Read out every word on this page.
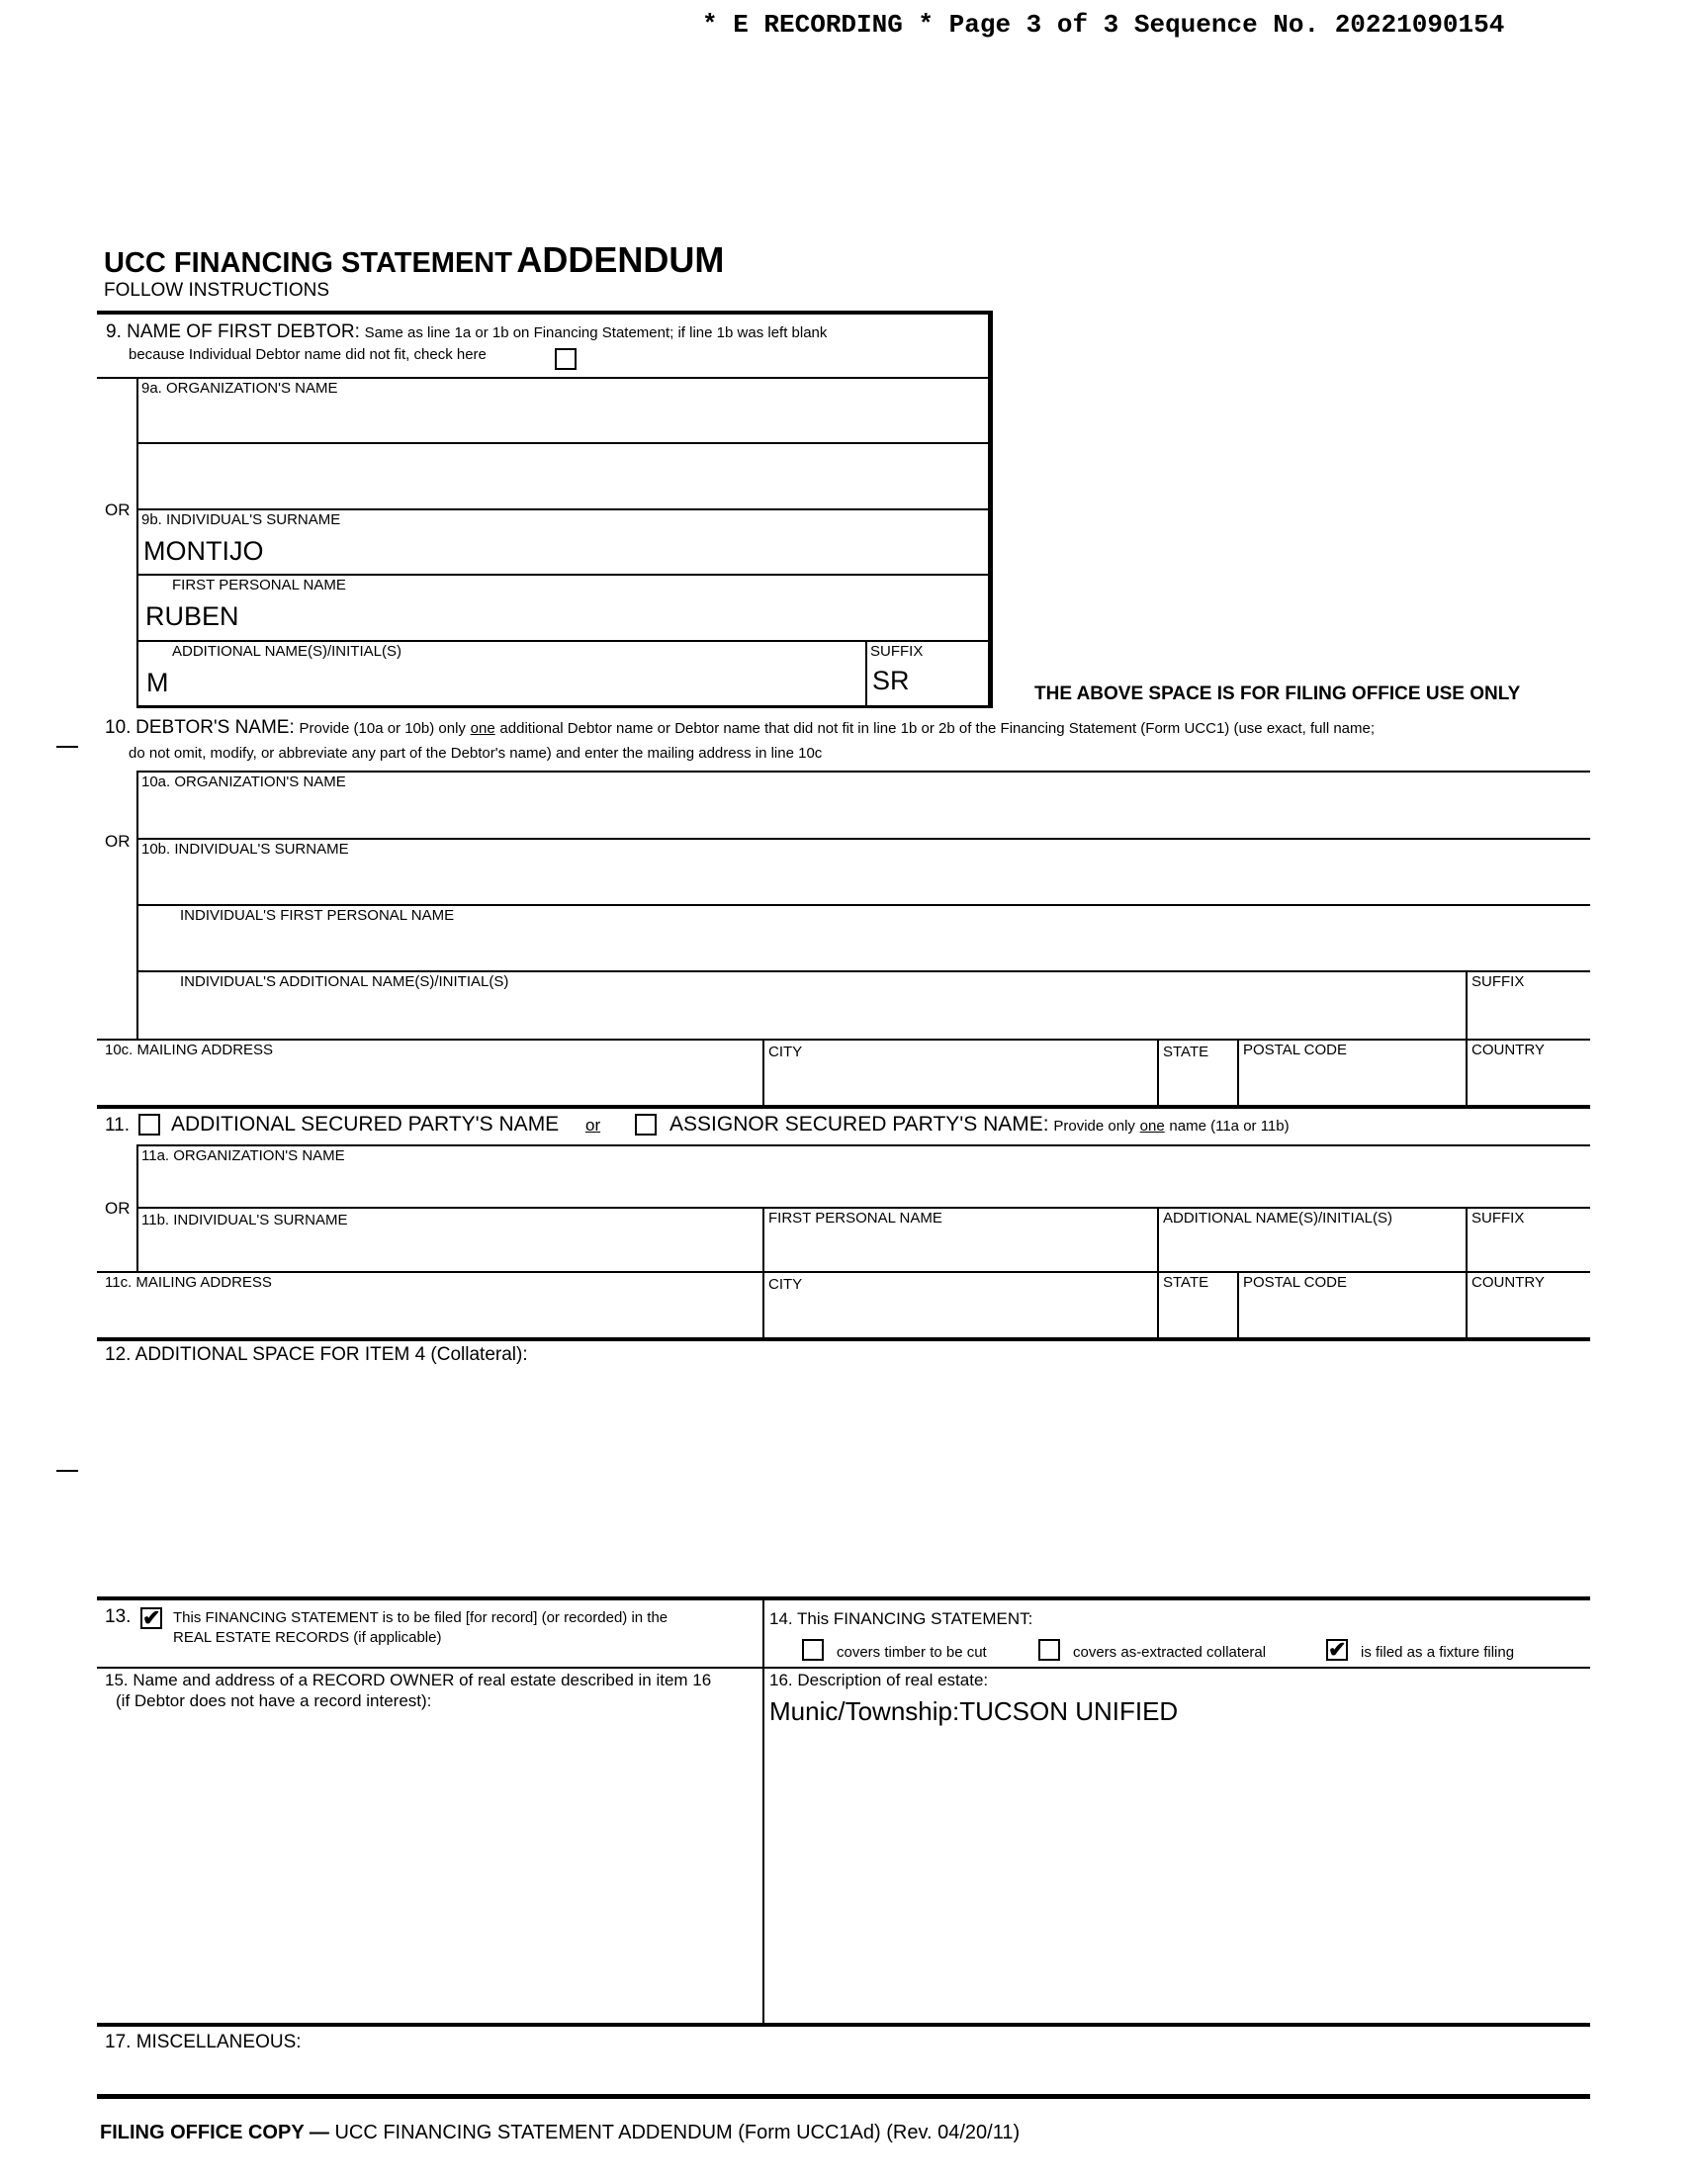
* E RECORDING * Page 3 of 3 Sequence No. 20221090154
UCC FINANCING STATEMENT ADDENDUM
FOLLOW INSTRUCTIONS
9. NAME OF FIRST DEBTOR: Same as line 1a or 1b on Financing Statement; if line 1b was left blank
because Individual Debtor name did not fit, check here
9a. ORGANIZATION'S NAME
OR
9b. INDIVIDUAL'S SURNAME
MONTIJO
FIRST PERSONAL NAME
RUBEN
ADDITIONAL NAME(S)/INITIAL(S)
M
SUFFIX
SR	THE ABOVE SPACE IS FOR FILING OFFICE USE ONLY
10. DEBTOR'S NAME: Provide (10a or 10b) only one additional Debtor name or Debtor name that did not fit in line 1b or 2b of the Financing Statement (Form UCC1) (use exact, full name;
do not omit, modify, or abbreviate any part of the Debtor's name) and enter the mailing address in line 10c
10a. ORGANIZATION'S NAME
OR 10b. INDIVIDUAL'S SURNAME
INDIVIDUAL'S FIRST PERSONAL NAME
INDIVIDUAL'S ADDITIONAL NAME(S)/INITIAL(S)	SUFFIX
10c. MAILING ADDRESS	CITY	STATE POSTAL CODE	COUNTRY
11. ADDITIONAL SECURED PARTY'S NAME or	ASSIGNOR SECURED PARTY'S NAME: Provide only one name (11a or 11b)
11a. ORGANIZATION'S NAME
OR
11b. INDIVIDUAL'S SURNAME	FIRST PERSONAL NAME	ADDITIONAL NAME(S)/INITIAL(S)	SUFFIX
11c. MAILING ADDRESS	CITY	STATE POSTAL CODE	COUNTRY
12. ADDITIONAL SPACE FOR ITEM 4 (Collateral):
13. ✔ This FINANCING STATEMENT is to be filed [for record] (or recorded) in the
REAL ESTATE RECORDS (if applicable)
14. This FINANCING STATEMENT:
covers timber to be cut	covers as-extracted collateral	✔ is filed as a fixture filing
15. Name and address of a RECORD OWNER of real estate described in item 16
(if Debtor does not have a record interest):
16. Description of real estate:
Munic/Township:TUCSON UNIFIED
17. MISCELLANEOUS:
FILING OFFICE COPY — UCC FINANCING STATEMENT ADDENDUM (Form UCC1Ad) (Rev. 04/20/11)
